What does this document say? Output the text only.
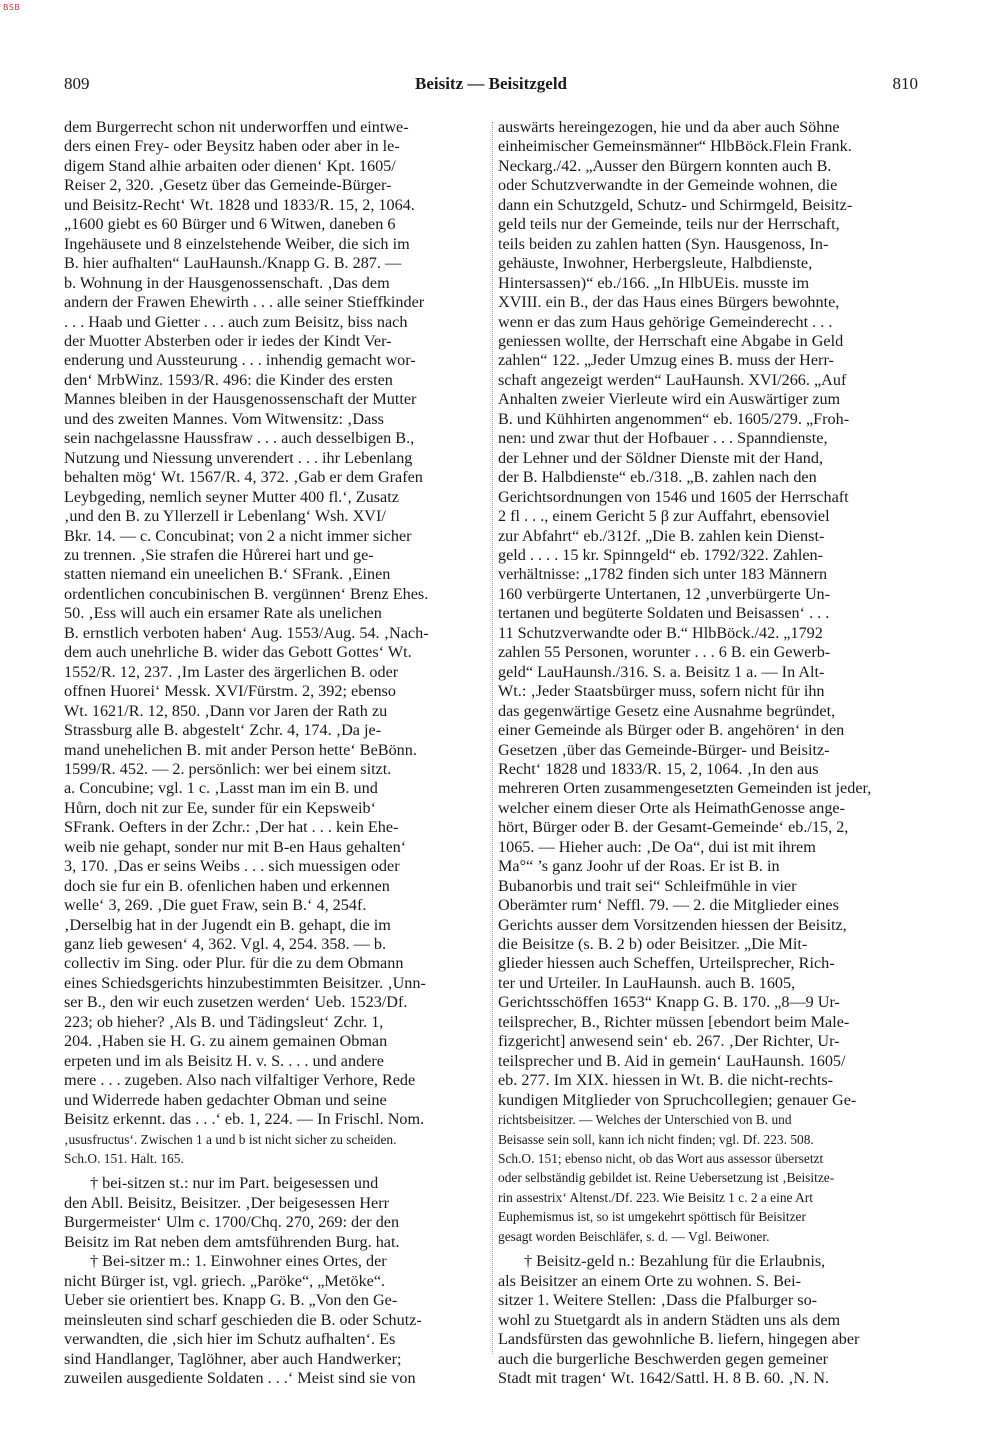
BSB
809	Beisitz — Beisitzgeld	810
dem Burgerrecht schon nit underworffen und eintwe-
ders einen Frey- oder Beysitz haben oder aber in le-
digem Stand alhie arbaiten oder dienen‘ Kpt. 1605/
Reiser 2, 320. ‚Gesetz über das Gemeinde-Bürger-
und Beisitz-Recht‘ Wt. 1828 und 1833/R. 15, 2, 1064.
„1600 giebt es 60 Bürger und 6 Witwen, daneben 6
Ingehäusete und 8 einzelstehende Weiber, die sich im
B. hier aufhalten“ LauHaunsh./Knapp G. B. 287. —
b. Wohnung in der Hausgenossenschaft. ‚Das dem
andern der Frawen Ehewirth . . . alle seiner Stieffkinder
. . . Haab und Gietter . . . auch zum Beisitz, biss nach
der Muotter Absterben oder ir iedes der Kindt Ver-
enderung und Aussteurung . . . inhendig gemacht wor-
den‘ MrbWinz. 1593/R. 496: die Kinder des ersten
Mannes bleiben in der Hausgenossenschaft der Mutter
und des zweiten Mannes. Vom Witwensitz: ‚Dass
sein nachgelassne Haussfraw . . . auch desselbigen B.,
Nutzung und Niessung unverendert . . . ihr Lebenlang
behalten mög‘ Wt. 1567/R. 4, 372. ‚Gab er dem Grafen
Leybgeding, nemlich seyner Mutter 400 fl.‘, Zusatz
‚und den B. zu Yllerzell ir Lebenlang‘ Wsh. XVI/
Bkr. 14. — c. Concubinat; von 2 a nicht immer sicher
zu trennen. ‚Sie strafen die Hůrerei hart und ge-
statten niemand ein uneelichen B.‘ SFrank. ‚Einen
ordentlichen concubinischen B. vergünnen‘ Brenz Ehes.
50. ‚Ess will auch ein ersamer Rate als unelichen
B. ernstlich verboten haben‘ Aug. 1553/Aug. 54. ‚Nach-
dem auch unehrliche B. wider das Gebott Gottes‘ Wt.
1552/R. 12, 237. ‚Im Laster des ärgerlichen B. oder
offnen Huorei‘ Messk. XVI/Fürstm. 2, 392; ebenso
Wt. 1621/R. 12, 850. ‚Dann vor Jaren der Rath zu
Strassburg alle B. abgestelt‘ Zchr. 4, 174. ‚Da je-
mand unehelichen B. mit ander Person hette‘ BeBönn.
1599/R. 452. — 2. persönlich: wer bei einem sitzt.
a. Concubine; vgl. 1 c. ‚Lasst man im ein B. und
Hůrn, doch nit zur Ee, sunder für ein Kepsweib‘
SFrank. Oefters in der Zchr.: ‚Der hat . . . kein Ehe-
weib nie gehapt, sonder nur mit B-en Haus gehalten‘
3, 170. ‚Das er seins Weibs . . . sich muessigen oder
doch sie fur ein B. ofenlichen haben und erkennen
welle‘ 3, 269. ‚Die guet Fraw, sein B.‘ 4, 254f.
‚Derselbig hat in der Jugendt ein B. gehapt, die im
ganz lieb gewesen‘ 4, 362. Vgl. 4, 254. 358. — b.
collectiv im Sing. oder Plur. für die zu dem Obmann
eines Schiedsgerichts hinzubestimmten Beisitzer. ‚Unn-
ser B., den wir euch zusetzen werden‘ Ueb. 1523/Df.
223; ob hieher? ‚Als B. und Tädingsleut‘ Zchr. 1,
204. ‚Haben sie H. G. zu ainem gemainen Obman
erpeten und im als Beisitz H. v. S. . . . und andere
mere . . . zugeben. Also nach vilfaltiger Verhore, Rede
und Widerrede haben gedachter Obman und seine
Beisitz erkennt. das . . .‘ eb. 1, 224. — In Frischl. Nom.
‚ususfructus‘. Zwischen 1 a und b ist nicht sicher zu scheiden.
Sch.O. 151. Halt. 165.
† bei-sitzen st.: nur im Part. beigesessen und
den Abll. Beisitz, Beisitzer. ‚Der beigesessen Herr
Burgermeister‘ Ulm c. 1700/Chq. 270, 269: der den
Beisitz im Rat neben dem amtsführenden Burg. hat.
† Bei-sitzer m.: 1. Einwohner eines Ortes, der
nicht Bürger ist, vgl. griech. „Paröke“, „Metöke“.
Ueber sie orientiert bes. Knapp G. B. „Von den Ge-
meinsleuten sind scharf geschieden die B. oder Schutz-
verwandten, die ‚sich hier im Schutz aufhalten‘. Es
sind Handlanger, Taglöhner, aber auch Handwerker;
zuweilen ausgediente Soldaten . . .‘ Meist sind sie von
auswärts hereingezogen, hie und da aber auch Söhne
einheimischer Gemeinsmänner“ HlbBöck.Flein Frank.
Neckarg./42. „Ausser den Bürgern konnten auch B.
oder Schutzverwandte in der Gemeinde wohnen, die
dann ein Schutzgeld, Schutz- und Schirmgeld, Beisitz-
geld teils nur der Gemeinde, teils nur der Herrschaft,
teils beiden zu zahlen hatten (Syn. Hausgenoss, In-
gehäuste, Inwohner, Herbergsleute, Halbdienste,
Hintersassen)“ eb./166. „In HlbUEis. musste im
XVIII. ein B., der das Haus eines Bürgers bewohnte,
wenn er das zum Haus gehörige Gemeinderecht . . .
geniessen wollte, der Herrschaft eine Abgabe in Geld
zahlen“ 122. „Jeder Umzug eines B. muss der Herr-
schaft angezeigt werden“ LauHaunsh. XVI/266. „Auf
Anhalten zweier Vierleute wird ein Auswärtiger zum
B. und Kühhirten angenommen“ eb. 1605/279. „Froh-
nen: und zwar thut der Hofbauer . . . Spanndienste,
der Lehner und der Söldner Dienste mit der Hand,
der B. Halbdienste“ eb./318. „B. zahlen nach den
Gerichtsordnungen von 1546 und 1605 der Herrschaft
2 fl . . ., einem Gericht 5 β zur Auffahrt, ebensoviel
zur Abfahrt“ eb./312f. „Die B. zahlen kein Dienst-
geld . . . . 15 kr. Spinngeld“ eb. 1792/322. Zahlen-
verhältnisse: „1782 finden sich unter 183 Männern
160 verbürgerte Untertanen, 12 ‚unverbürgerte Un-
tertanen und begüterte Soldaten und Beisassen‘ . . .
11 Schutzverwandte oder B.“ HlbBöck./42. „1792
zahlen 55 Personen, worunter . . . 6 B. ein Gewerb-
geld“ LauHaunsh./316. S. a. Beisitz 1 a. — In Alt-
Wt.: ‚Jeder Staatsbürger muss, sofern nicht für ihn
das gegenwärtige Gesetz eine Ausnahme begründet,
einer Gemeinde als Bürger oder B. angehören‘ in den
Gesetzen ‚über das Gemeinde-Bürger- und Beisitz-
Recht‘ 1828 und 1833/R. 15, 2, 1064. ‚In den aus
mehreren Orten zusammengesetzten Gemeinden ist jeder,
welcher einem dieser Orte als HeimathGenosse ange-
hört, Bürger oder B. der Gesamt-Gemeinde‘ eb./15, 2,
1065. — Hieher auch: ‚De Oa“, dui ist mit ihrem
Ma°“ ’s ganz Joohr uf der Roas. Er ist B. in
Bubanorbis und trait sei“ Schleifmühle in vier
Oberämter rum‘ Neffl. 79. — 2. die Mitglieder eines
Gerichts ausser dem Vorsitzenden hiessen der Beisitz,
die Beisitze (s. B. 2 b) oder Beisitzer. „Die Mit-
glieder hiessen auch Scheffen, Urteilsprecher, Rich-
ter und Urteiler. In LauHaunsh. auch B. 1605,
Gerichtsschöffen 1653“ Knapp G. B. 170. „8—9 Ur-
teilsprecher, B., Richter müssen [ebendort beim Male-
fizgericht] anwesend sein‘ eb. 267. ‚Der Richter, Ur-
teilsprecher und B. Aid in gemein‘ LauHaunsh. 1605/
eb. 277. Im XIX. hiessen in Wt. B. die nicht-rechts-
kundigen Mitglieder von Spruchcollegien; genauer Ge-
richtsbeisitzer. — Welches der Unterschied von B. und
Beisasse sein soll, kann ich nicht finden; vgl. Df. 223. 508.
Sch.O. 151; ebenso nicht, ob das Wort aus assessor übersetzt
oder selbständig gebildet ist. Reine Uebersetzung ist ‚Beisitze-
rin assestrix‘ Altenst./Df. 223. Wie Beisitz 1 c. 2 a eine Art
Euphemismus ist, so ist umgekehrt spöttisch für Beisitzer
gesagt worden Beischläfer, s. d. — Vgl. Beiwoner.
† Beisitz-geld n.: Bezahlung für die Erlaubnis,
als Beisitzer an einem Orte zu wohnen. S. Bei-
sitzer 1. Weitere Stellen: ‚Dass die Pfalburger so-
wohl zu Stuetgardt als in andern Städten uns als dem
Landsfürsten das gewohnliche B. liefern, hingegen aber
auch die burgerliche Beschwerden gegen gemeiner
Stadt mit tragen‘ Wt. 1642/Sattl. H. 8 B. 60. ‚N. N.
